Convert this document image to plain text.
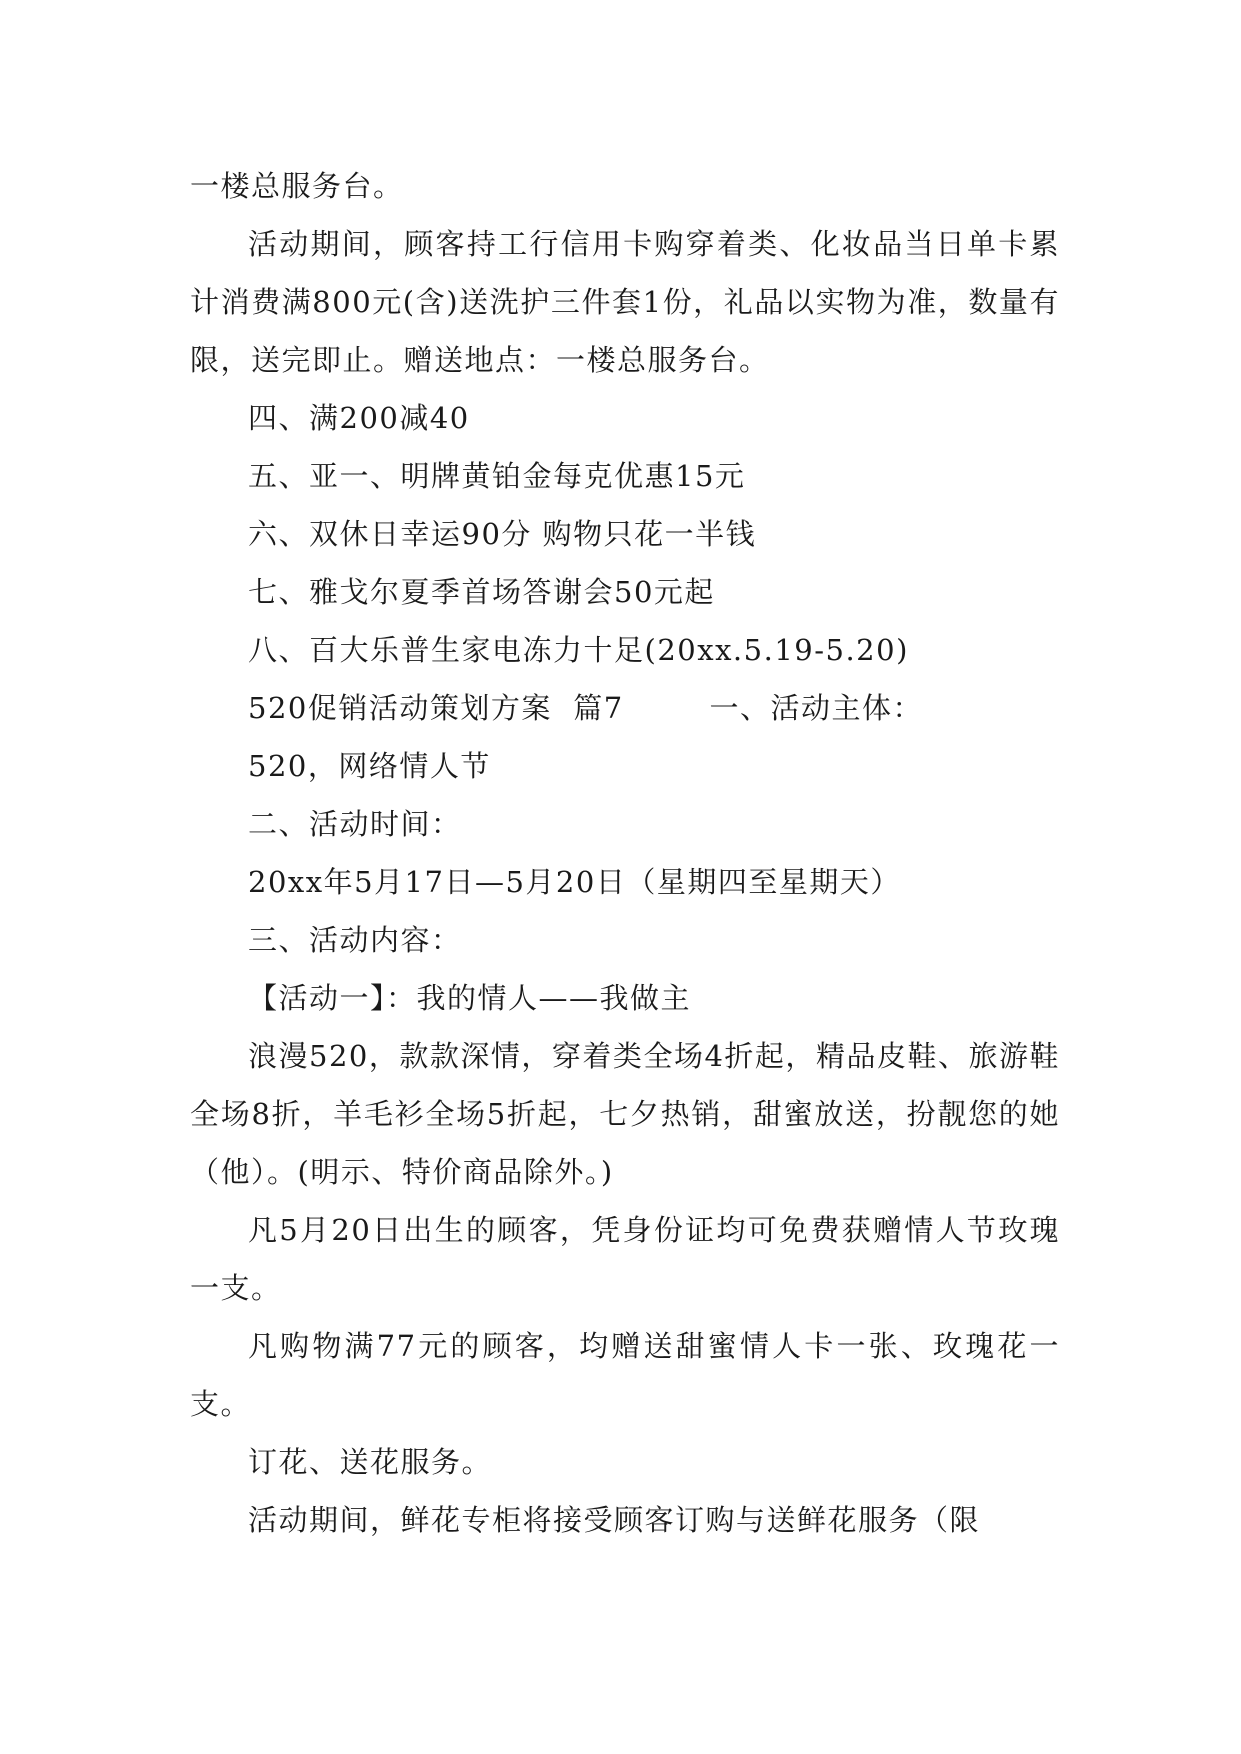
一楼总服务台。

活动期间，顾客持工行信用卡购穿着类、化妆品当日单卡累计消费满800元(含)送洗护三件套1份，礼品以实物为准，数量有限，送完即止。赠送地点：一楼总服务台。

四、满200减40

五、亚一、明牌黄铂金每克优惠15元

六、双休日幸运90分 购物只花一半钱

七、雅戈尔夏季首场答谢会50元起

八、百大乐普生家电冻力十足(20xx.5.19-5.20)

520促销活动策划方案  篇7        一、活动主体：

520，网络情人节

二、活动时间：

20xx年5月17日—5月20日（星期四至星期天）

三、活动内容：

【活动一】：我的情人——我做主

浪漫520，款款深情，穿着类全场4折起，精品皮鞋、旅游鞋全场8折，羊毛衫全场5折起，七夕热销，甜蜜放送，扮靓您的她（他）。(明示、特价商品除外。)

凡5月20日出生的顾客，凭身份证均可免费获赠情人节玫瑰一支。

凡购物满77元的顾客，均赠送甜蜜情人卡一张、玫瑰花一支。

订花、送花服务。

活动期间，鲜花专柜将接受顾客订购与送鲜花服务（限
